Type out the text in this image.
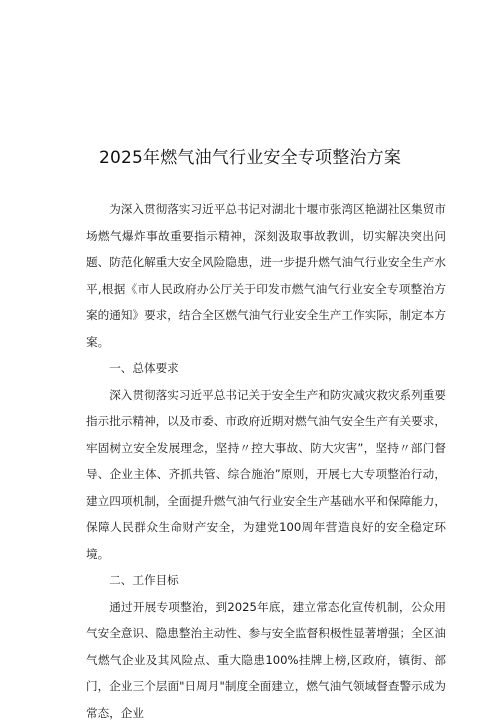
2025年燃气油气行业安全专项整治方案

为深入贯彻落实习近平总书记对湖北十堰市张湾区艳湖社区集贸市场燃气爆炸事故重要指示精神，深刻汲取事故教训，切实解决突出问题、防范化解重大安全风险隐患，进一步提升燃气油气行业安全生产水平,根据《市人民政府办公厅关于印发市燃气油气行业安全专项整治方案的通知》要求，结合全区燃气油气行业安全生产工作实际，制定本方案。

一、总体要求

深入贯彻落实习近平总书记关于安全生产和防灾减灾救灾系列重要指示批示精神，以及市委、市政府近期对燃气油气安全生产有关要求，牢固树立安全发展理念，坚持〃控大事故、防大灾害”，坚持〃部门督导、企业主体、齐抓共管、综合施治”原则，开展七大专项整治行动，建立四项机制，全面提升燃气油气行业安全生产基础水平和保障能力，保障人民群众生命财产安全，为建党100周年营造良好的安全稳定环境。

二、工作目标

通过开展专项整治，到2025年底，建立常态化宣传机制，公众用气安全意识、隐患整治主动性、参与安全监督积极性显著增强；全区油气燃气企业及其风险点、重大隐患100%挂牌上榜,区政府，镇街、部门，企业三个层面"日周月"制度全面建立，燃气油气领域督查警示成为常态，企业
